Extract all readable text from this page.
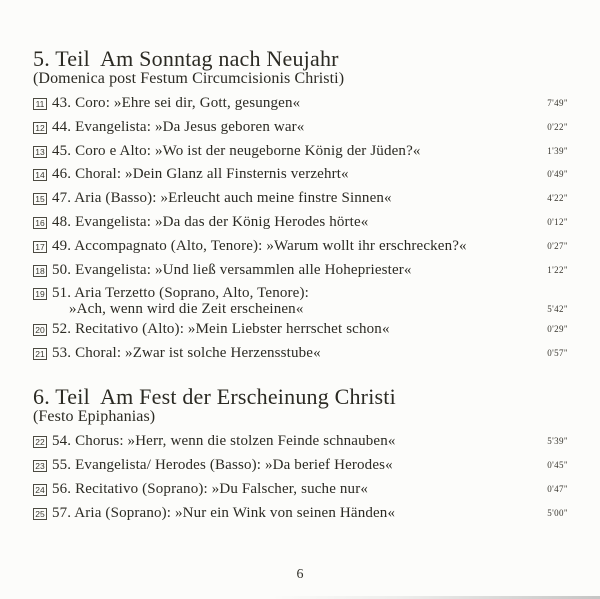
5. Teil  Am Sonntag nach Neujahr

(Domenica post Festum Circumcisionis Christi)

11 43. Coro: »Ehre sei dir, Gott, gesungen«	7'49"
12 44. Evangelista: »Da Jesus geboren war«	0'22"
13 45. Coro e Alto: »Wo ist der neugeborne König der Jüden?«	1'39"
14 46. Choral: »Dein Glanz all Finsternis verzehrt«	0'49"
15 47. Aria (Basso): »Erleucht auch meine finstre Sinnen«	4'22"
16 48. Evangelista: »Da das der König Herodes hörte«	0'12"
17 49. Accompagnato (Alto, Tenore): »Warum wollt ihr erschrecken?«	0'27"
18 50. Evangelista: »Und ließ versammlen alle Hohepriester«	1'22"
19 51. Aria Terzetto (Soprano, Alto, Tenore):
»Ach, wenn wird die Zeit erscheinen«	5'42"
20 52. Recitativo (Alto): »Mein Liebster herrschet schon«	0'29"
21 53. Choral: »Zwar ist solche Herzensstube«	0'57"
6. Teil  Am Fest der Erscheinung Christi

(Festo Epiphanias)

22 54. Chorus: »Herr, wenn die stolzen Feinde schnauben«	5'39"
23 55. Evangelista/ Herodes (Basso): »Da berief Herodes«	0'45"
24 56. Recitativo (Soprano): »Du Falscher, suche nur«	0'47"
25 57. Aria (Soprano): »Nur ein Wink von seinen Händen«	5'00"
6
